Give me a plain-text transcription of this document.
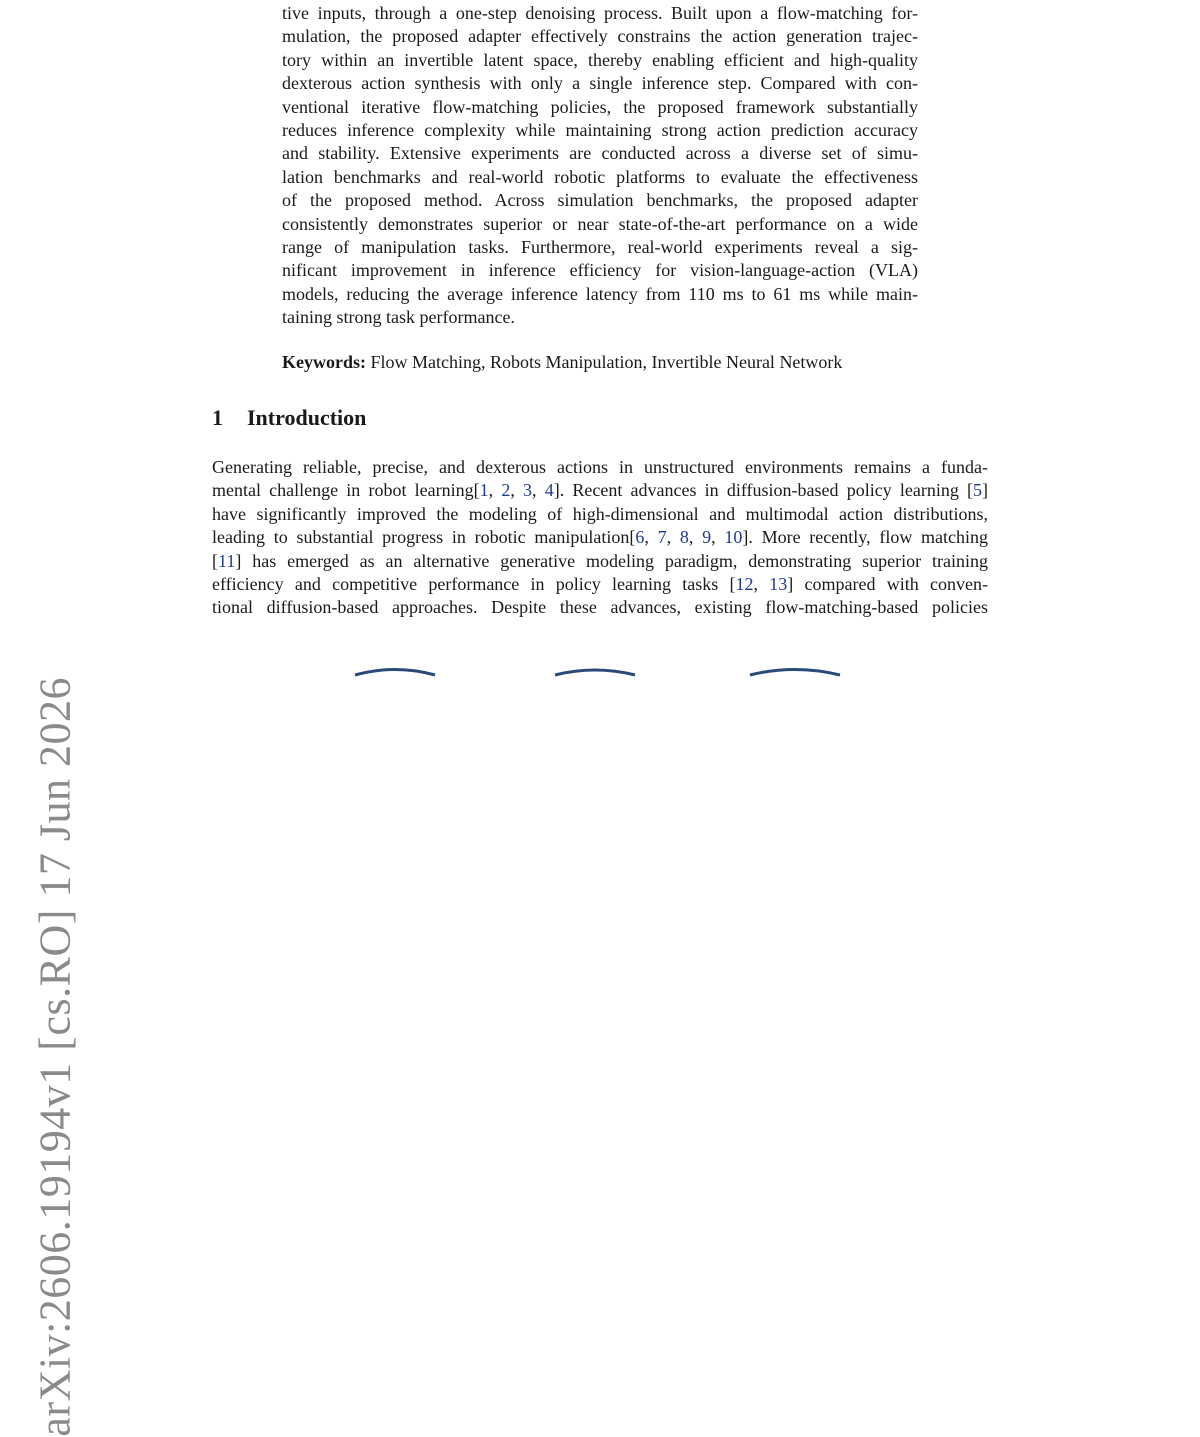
arXiv:2606.19194v1 [cs.RO] 17 Jun 2026
tive inputs, through a one-step denoising process. Built upon a flow-matching for-
mulation, the proposed adapter effectively constrains the action generation trajec-
tory within an invertible latent space, thereby enabling efficient and high-quality
dexterous action synthesis with only a single inference step. Compared with con-
ventional iterative flow-matching policies, the proposed framework substantially
reduces inference complexity while maintaining strong action prediction accuracy
and stability. Extensive experiments are conducted across a diverse set of simu-
lation benchmarks and real-world robotic platforms to evaluate the effectiveness
of the proposed method. Across simulation benchmarks, the proposed adapter
consistently demonstrates superior or near state-of-the-art performance on a wide
range of manipulation tasks. Furthermore, real-world experiments reveal a sig-
nificant improvement in inference efficiency for vision-language-action (VLA)
models, reducing the average inference latency from 110 ms to 61 ms while main-
taining strong task performance.
Keywords: Flow Matching, Robots Manipulation, Invertible Neural Network
1 Introduction
Generating reliable, precise, and dexterous actions in unstructured environments remains a funda-
mental challenge in robot learning[1, 2, 3, 4]. Recent advances in diffusion-based policy learning [5]
have significantly improved the modeling of high-dimensional and multimodal action distributions,
leading to substantial progress in robotic manipulation[6, 7, 8, 9, 10]. More recently, flow matching
[11] has emerged as an alternative generative modeling paradigm, demonstrating superior training
efficiency and competitive performance in policy learning tasks [12, 13] compared with conven-
tional diffusion-based approaches. Despite these advances, existing flow-matching-based policies
